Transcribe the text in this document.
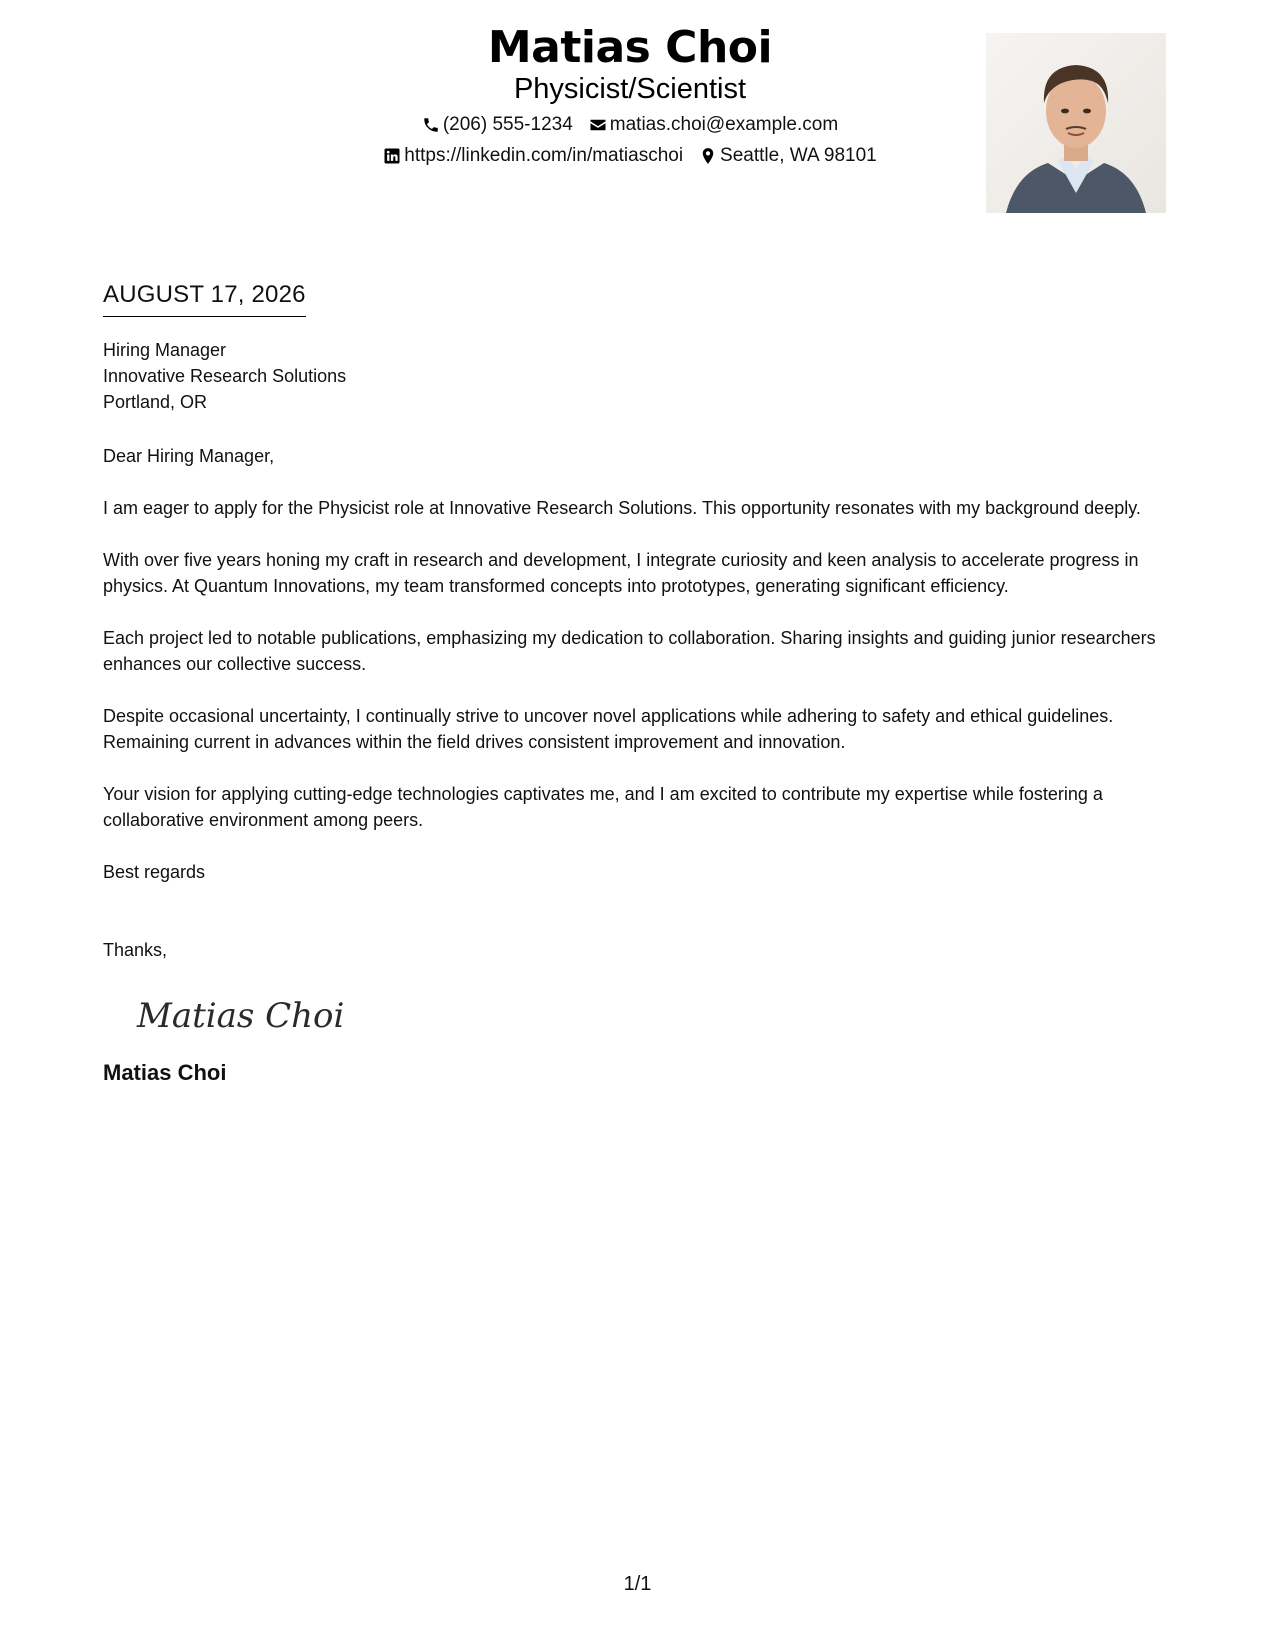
Matias Choi
Physicist/Scientist
(206) 555-1234 matias.choi@example.com
https://linkedin.com/in/matiaschoi Seattle, WA 98101
AUGUST 17, 2026
Hiring Manager
Innovative Research Solutions
Portland, OR

Dear Hiring Manager,

I am eager to apply for the Physicist role at Innovative Research Solutions. This opportunity resonates with my background deeply.

With over five years honing my craft in research and development, I integrate curiosity and keen analysis to accelerate progress in physics. At Quantum Innovations, my team transformed concepts into prototypes, generating significant efficiency.

Each project led to notable publications, emphasizing my dedication to collaboration. Sharing insights and guiding junior researchers enhances our collective success.

Despite occasional uncertainty, I continually strive to uncover novel applications while adhering to safety and ethical guidelines. Remaining current in advances within the field drives consistent improvement and innovation.

Your vision for applying cutting-edge technologies captivates me, and I am excited to contribute my expertise while fostering a collaborative environment among peers.

Best regards

Thanks,

Matias Choi
Matias Choi
1/1
